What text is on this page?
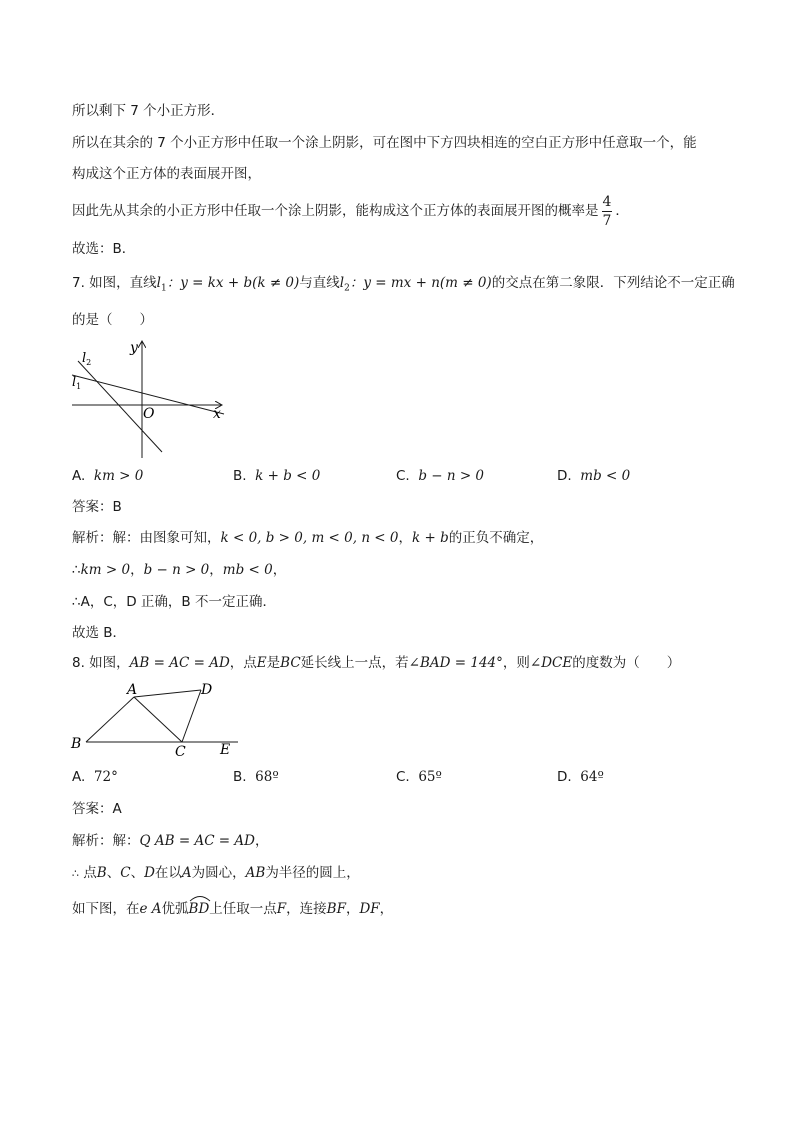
所以剩下 7 个小正方形．
所以在其余的 7 个小正方形中任取一个涂上阴影，可在图中下方四块相连的空白正方形中任意取一个，能
构成这个正方体的表面展开图，
因此先从其余的小正方形中任取一个涂上阴影，能构成这个正方体的表面展开图的概率是 $\frac{4}{7}$ ．
故选：B．
7. 如图，直线$l_1$：y = kx + b(k ≠ 0)与直线$l_2$：y = mx + n(m ≠ 0)的交点在第二象限．下列结论不一定正确
的是（　　）
y
x
O
$l_2$
$l_1$
A. km > 0	B. k + b < 0	C. b − n > 0	D. mb < 0
答案：B
解析：解：由图象可知，k < 0, b > 0, m < 0, n < 0，k + b的正负不确定，
∴km > 0，b − n > 0，mb < 0，
∴A，C，D 正确，B 不一定正确．
故选 B．
8. 如图，AB = AC = AD，点E是BC延长线上一点，若∠BAD = 144°，则∠DCE的度数为（　　）
A	D
B	C E
A. 72°	B. 68º	C. 65º	D. 64º
答案：A
解析：解：Q AB = AC = AD，
∴ 点B、C、D在以A为圆心，AB为半径的圆上，
如下图，在e A优弧BD
上任取一点F，连接BF，DF，
